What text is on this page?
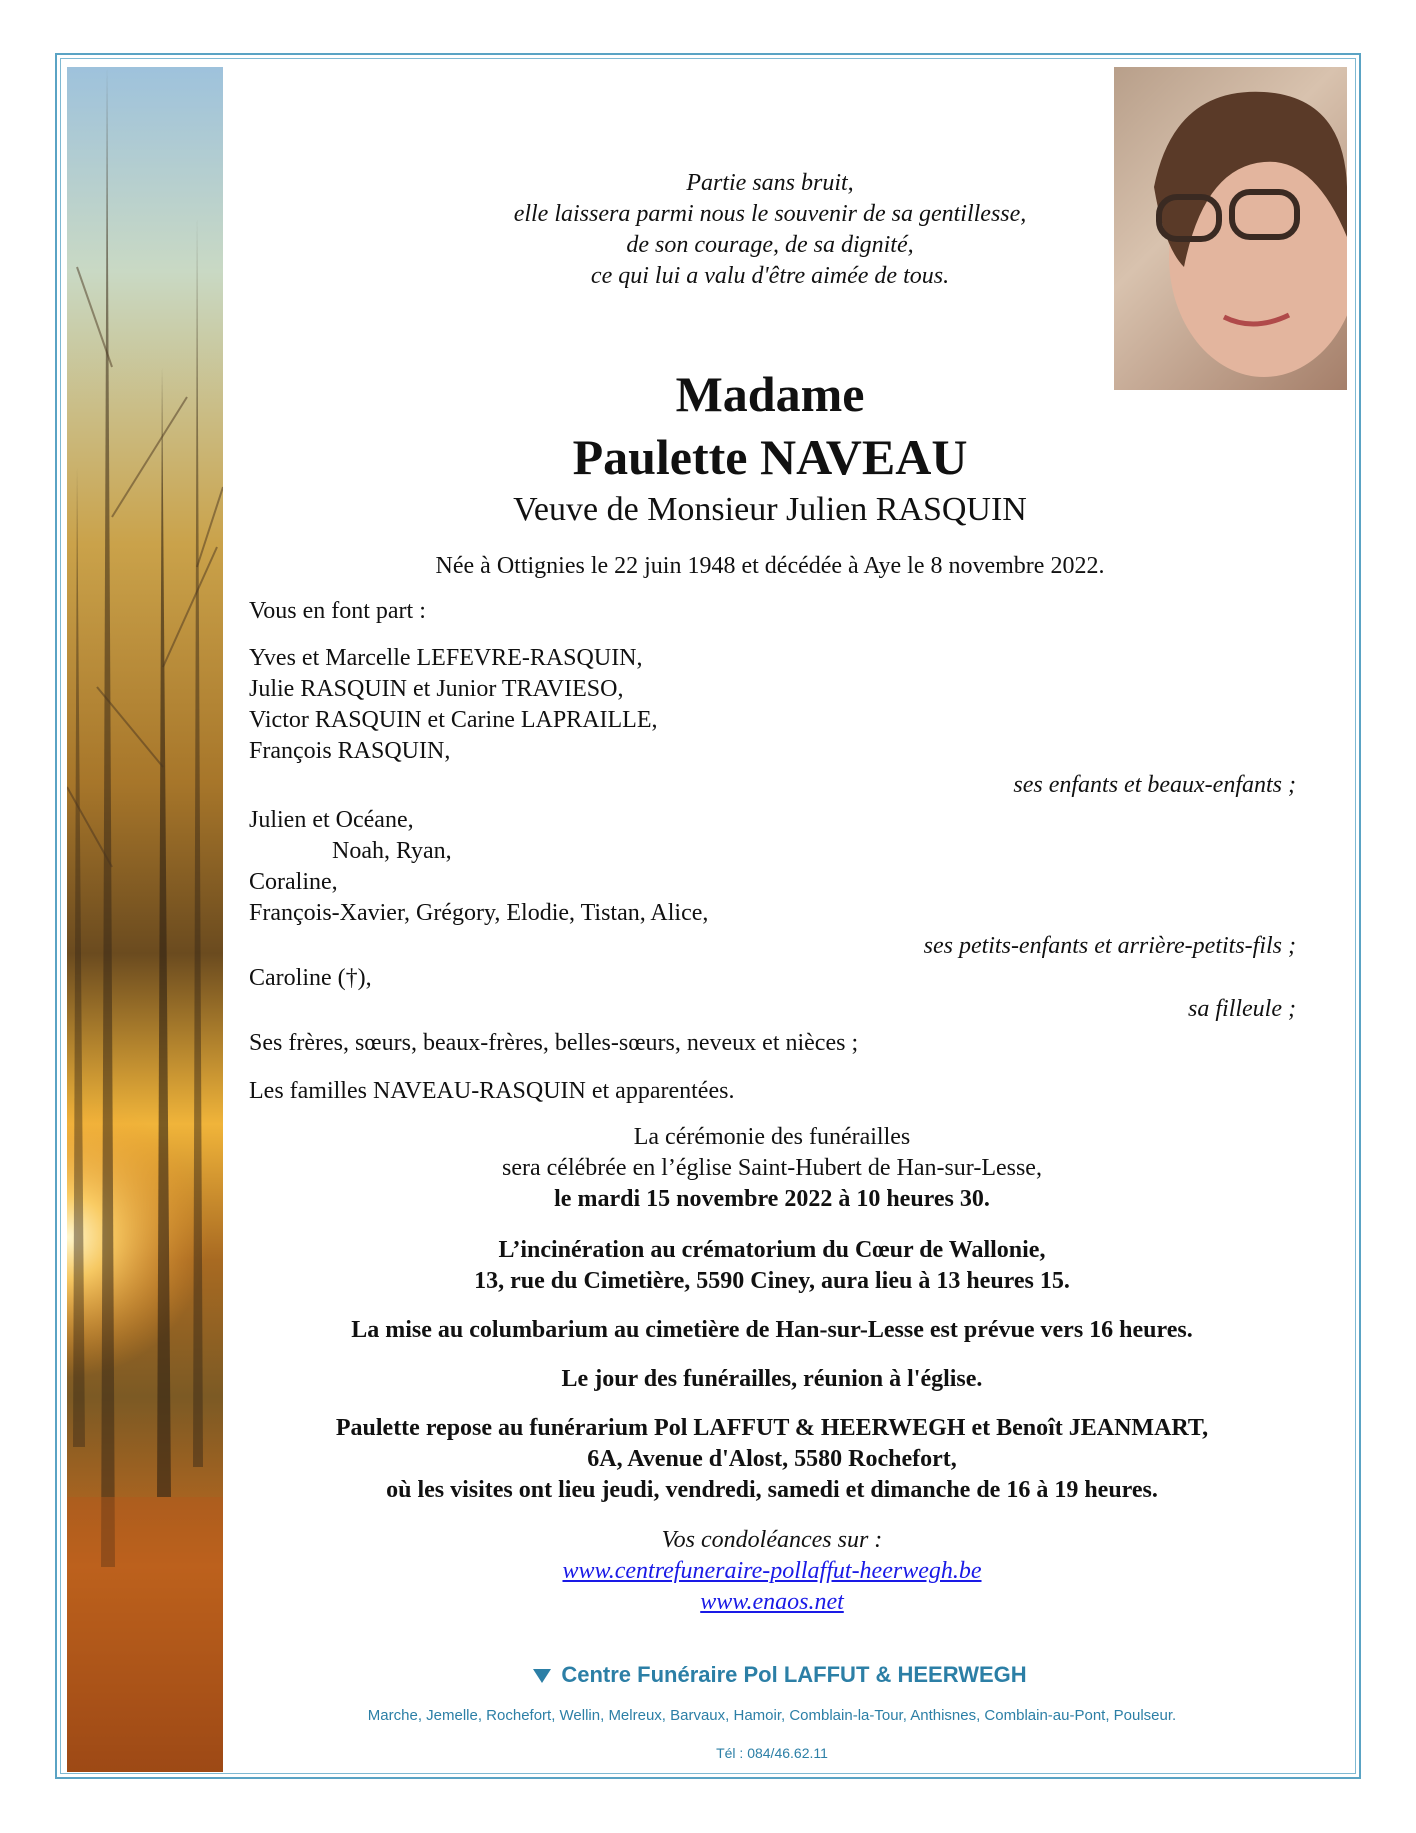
Partie sans bruit,
elle laissera parmi nous le souvenir de sa gentillesse,
de son courage, de sa dignité,
ce qui lui a valu d'être aimée de tous.
Madame
Paulette NAVEAU
Veuve de Monsieur Julien RASQUIN
Née à Ottignies le 22 juin 1948 et décédée à Aye le 8 novembre 2022.
Vous en font part :
Yves et Marcelle LEFEVRE-RASQUIN,
Julie RASQUIN et Junior TRAVIESO,
Victor RASQUIN et Carine LAPRAILLE,
François RASQUIN,
ses enfants et beaux-enfants ;
Julien et Océane,
Noah, Ryan,
Coraline,
François-Xavier, Grégory, Elodie, Tistan, Alice,
ses petits-enfants et arrière-petits-fils ;
Caroline (†),
sa filleule ;
Ses frères, sœurs, beaux-frères, belles-sœurs, neveux et nièces ;
Les familles NAVEAU-RASQUIN et apparentées.
La cérémonie des funérailles
sera célébrée en l’église Saint-Hubert de Han-sur-Lesse,
le mardi 15 novembre 2022 à 10 heures 30.
L’incinération au crématorium du Cœur de Wallonie,
13, rue du Cimetière, 5590 Ciney, aura lieu à 13 heures 15.
La mise au columbarium au cimetière de Han-sur-Lesse est prévue vers 16 heures.
Le jour des funérailles, réunion à l'église.
Paulette repose au funérarium Pol LAFFUT & HEERWEGH et Benoît JEANMART,
6A, Avenue d'Alost, 5580 Rochefort,
où les visites ont lieu jeudi, vendredi, samedi et dimanche de 16 à 19 heures.
Vos condoléances sur :
www.centrefuneraire-pollaffut-heerwegh.be
www.enaos.net
Centre Funéraire Pol LAFFUT & HEERWEGH
Marche, Jemelle, Rochefort, Wellin, Melreux, Barvaux, Hamoir, Comblain-la-Tour, Anthisnes, Comblain-au-Pont, Poulseur.
Tél : 084/46.62.11
